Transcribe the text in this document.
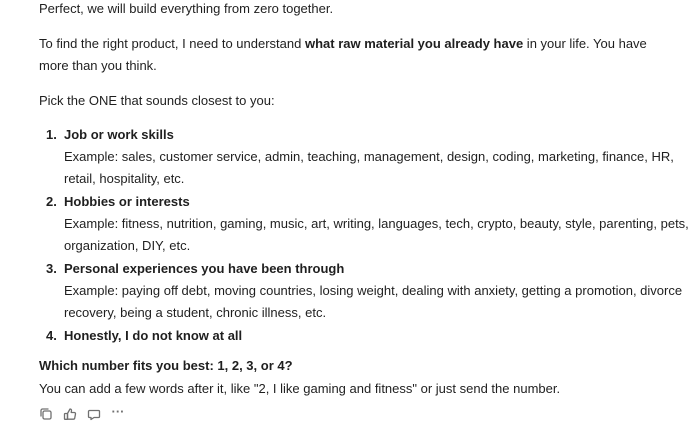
Perfect, we will build everything from zero together.

To find the right product, I need to understand what raw material you already have in your life. You have more than you think.

Pick the ONE that sounds closest to you:

1. Job or work skills
Example: sales, customer service, admin, teaching, management, design, coding, marketing, finance, HR, retail, hospitality, etc.
2. Hobbies or interests
Example: fitness, nutrition, gaming, music, art, writing, languages, tech, crypto, beauty, style, parenting, pets, organization, DIY, etc.
3. Personal experiences you have been through
Example: paying off debt, moving countries, losing weight, dealing with anxiety, getting a promotion, divorce recovery, being a student, chronic illness, etc.
4. Honestly, I do not know at all

Which number fits you best: 1, 2, 3, or 4?

You can add a few words after it, like "2, I like gaming and fitness" or just send the number.

···
